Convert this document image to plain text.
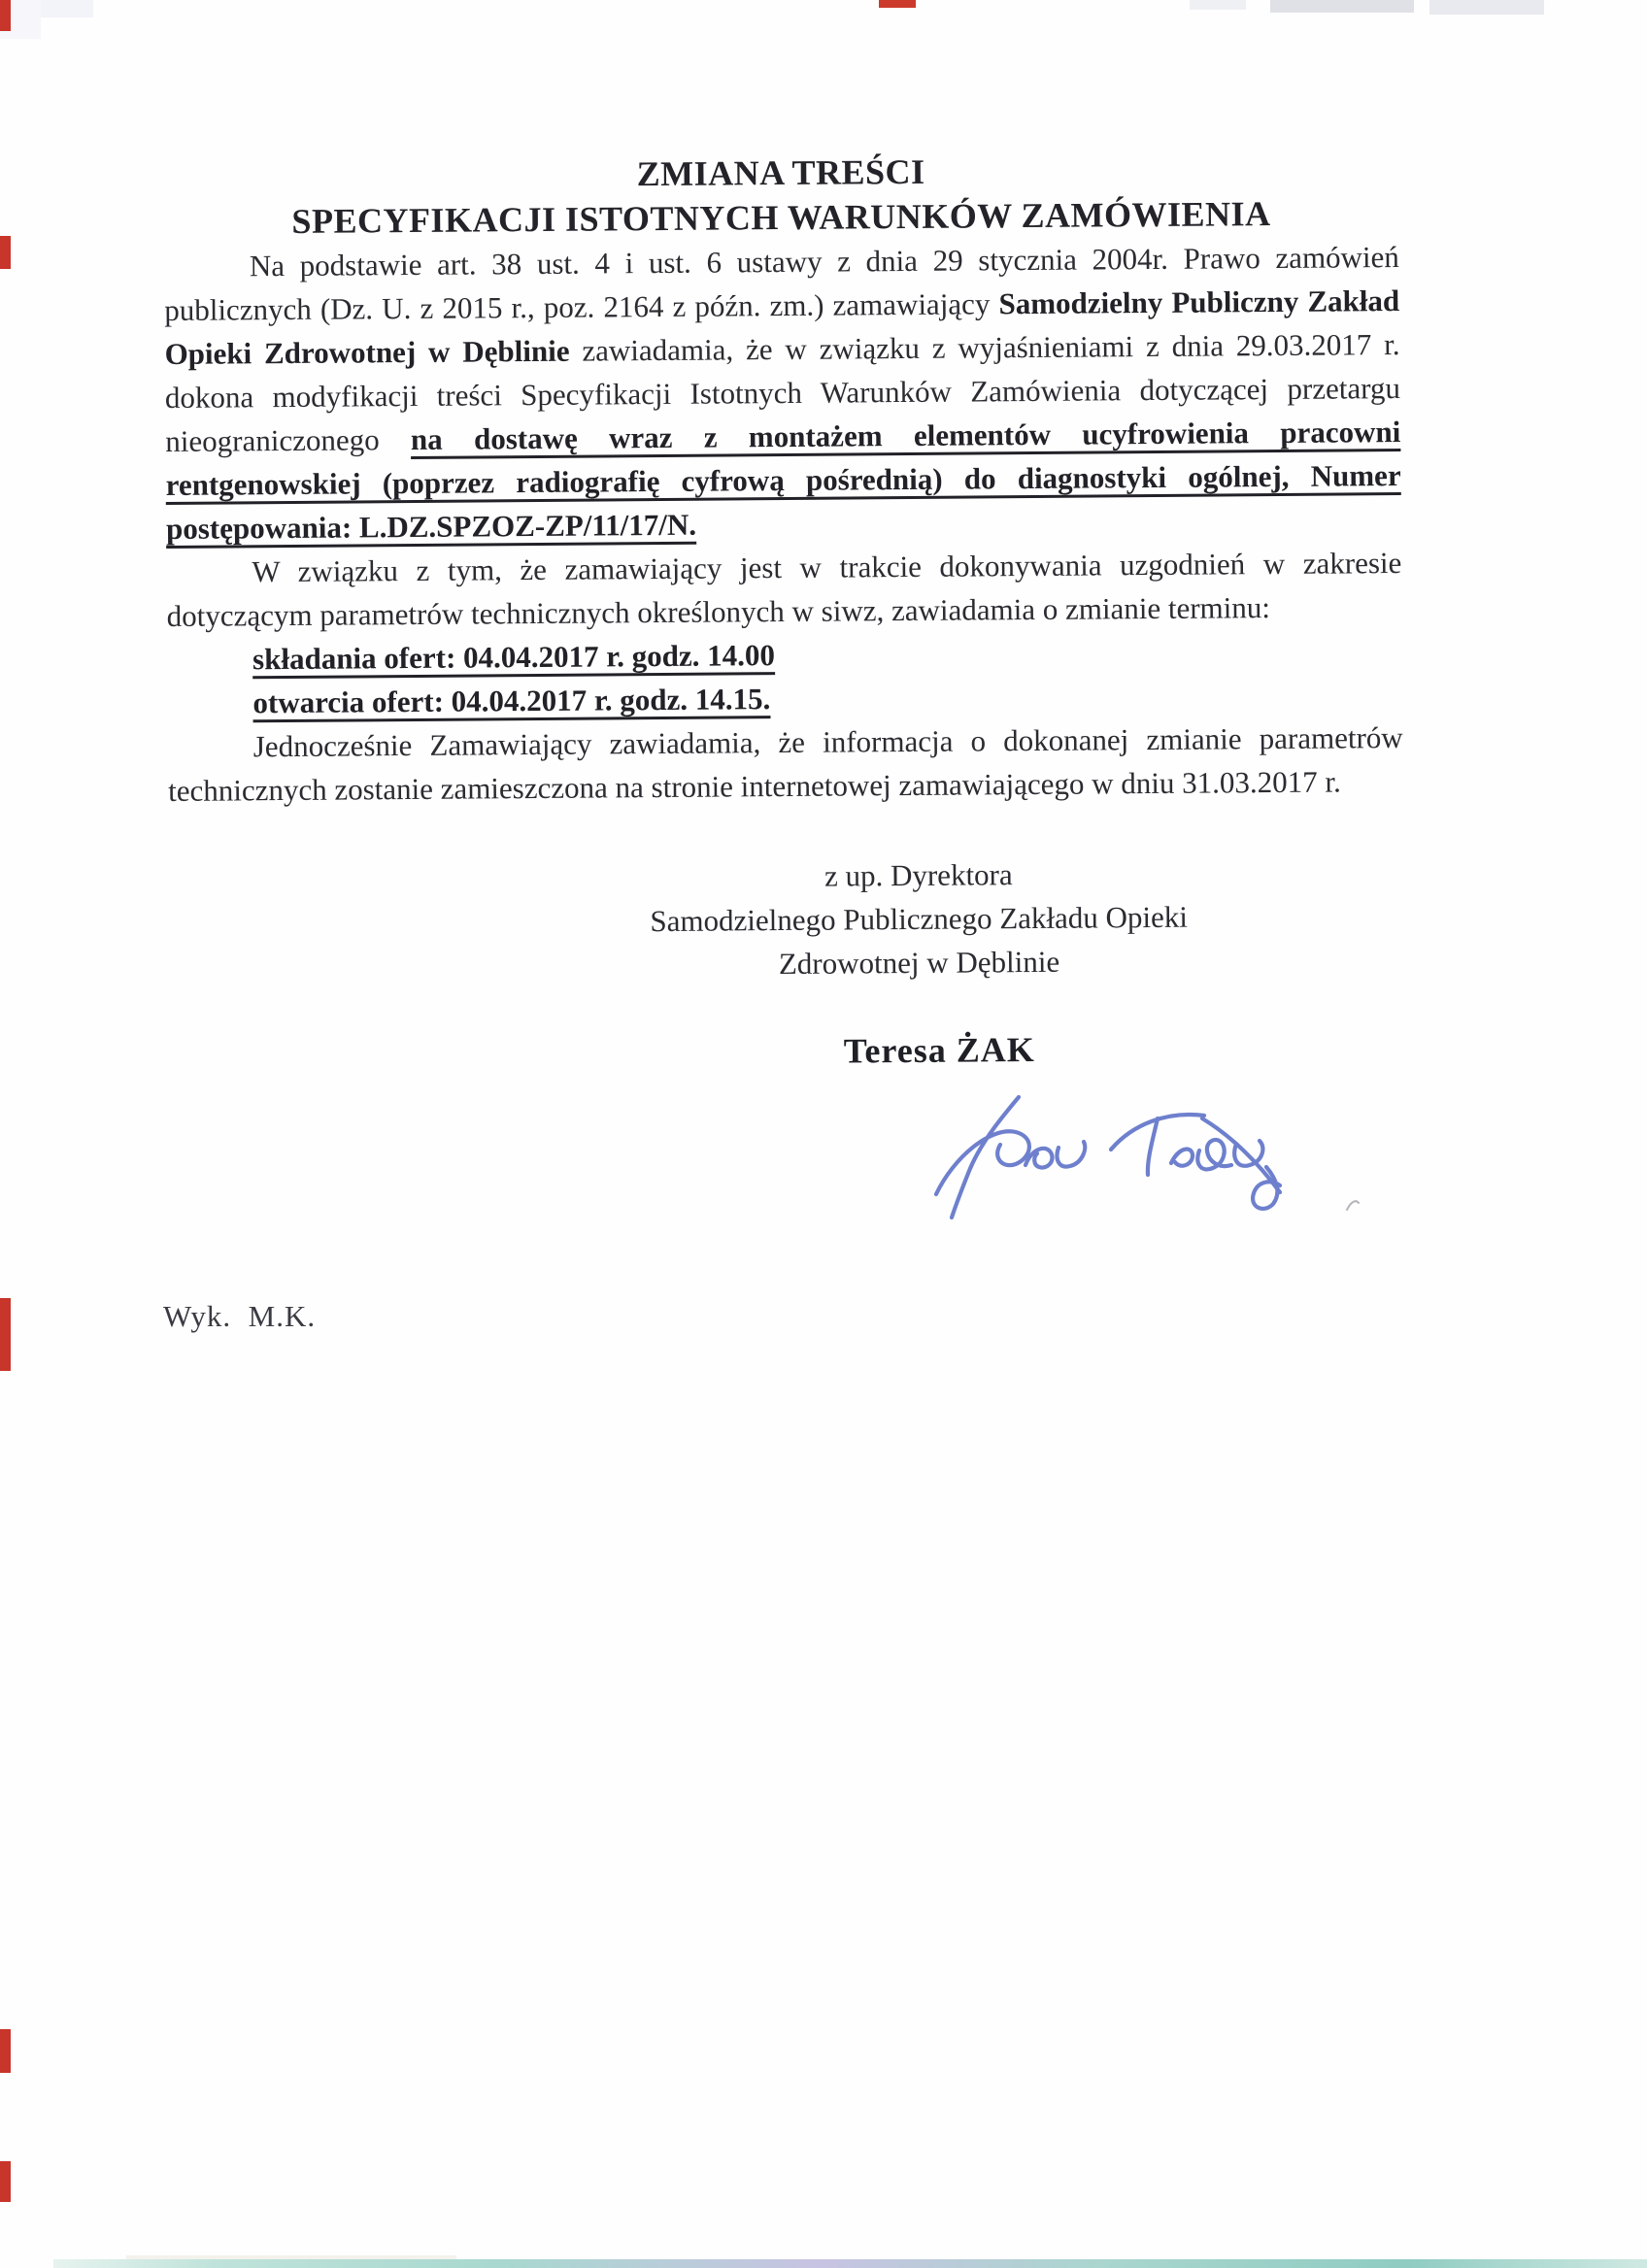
ZMIANA TREŚCI
SPECYFIKACJI ISTOTNYCH WARUNKÓW ZAMÓWIENIA

Na podstawie art. 38 ust. 4 i ust. 6 ustawy z dnia 29 stycznia 2004r. Prawo zamówień publicznych (Dz. U. z 2015 r., poz. 2164 z późn. zm.) zamawiający Samodzielny Publiczny Zakład Opieki Zdrowotnej w Dęblinie zawiadamia, że w związku z wyjaśnieniami z dnia 29.03.2017 r. dokona modyfikacji treści Specyfikacji Istotnych Warunków Zamówienia dotyczącej przetargu nieograniczonego na dostawę wraz z montażem elementów ucyfrowienia pracowni rentgenowskiej (poprzez radiografię cyfrową pośrednią) do diagnostyki ogólnej, Numer postępowania: L.DZ.SPZOZ-ZP/11/17/N.

W związku z tym, że zamawiający jest w trakcie dokonywania uzgodnień w zakresie dotyczącym parametrów technicznych określonych w siwz, zawiadamia o zmianie terminu:

składania ofert: 04.04.2017 r. godz. 14.00

otwarcia ofert: 04.04.2017 r. godz. 14.15.

Jednocześnie Zamawiający zawiadamia, że informacja o dokonanej zmianie parametrów technicznych zostanie zamieszczona na stronie internetowej zamawiającego w dniu 31.03.2017 r.

z up. Dyrektora
Samodzielnego Publicznego Zakładu Opieki
Zdrowotnej w Dęblinie
Teresa ŻAK
Wyk.  M.K.
